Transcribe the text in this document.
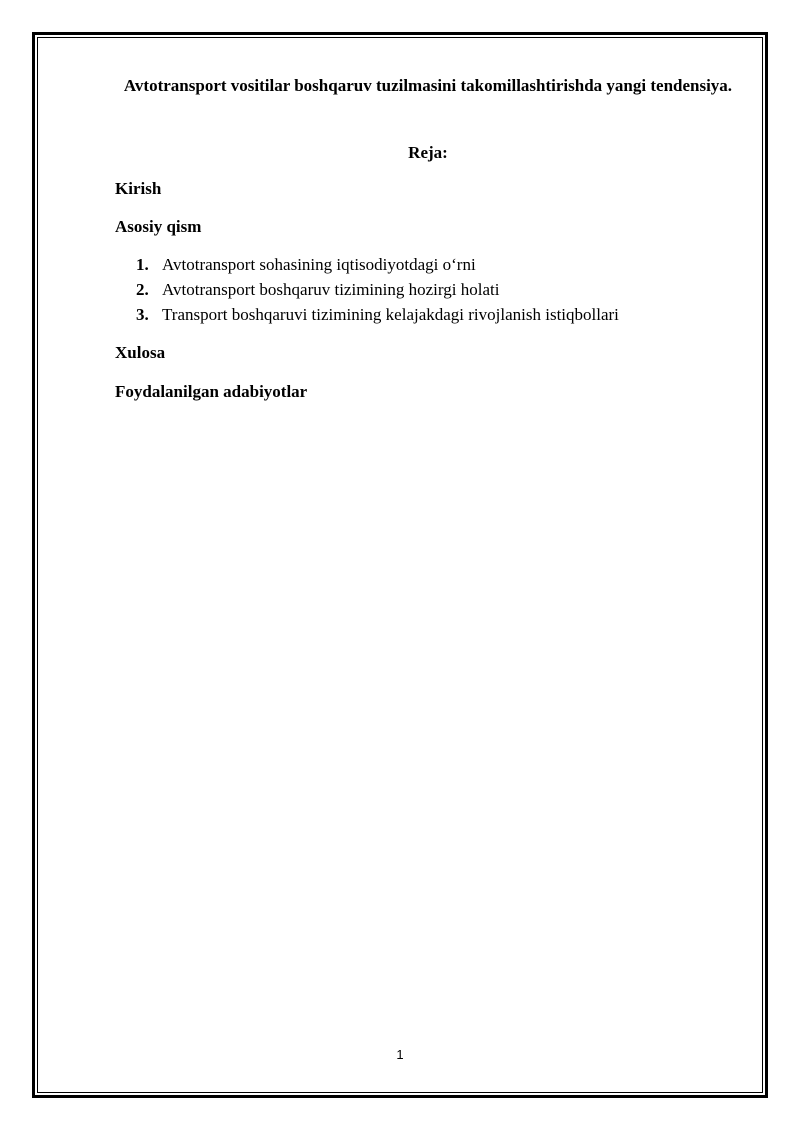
Avtotransport vositilar boshqaruv tuzilmasini takomillashtirishda yangi tendensiya.
Reja:
Kirish
Asosiy qism
1. Avtotransport sohasining iqtisodiyotdagi o‘rni
2. Avtotransport boshqaruv tizimining hozirgi holati
3. Transport boshqaruvi tizimining kelajakdagi rivojlanish istiqbollari
Xulosa
Foydalanilgan adabiyotlar
1
